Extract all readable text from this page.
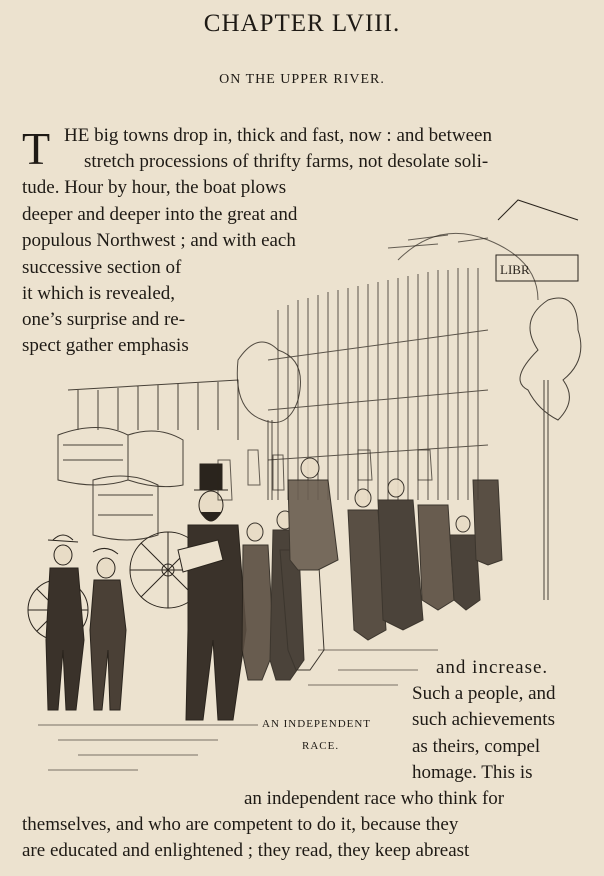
CHAPTER LVIII.
ON THE UPPER RIVER.
T HE big towns drop in, thick and fast, now : and between
stretch processions of thrifty farms, not desolate soli-
tude. Hour by hour, the boat plows
deeper and deeper into the great and
populous Northwest ; and with each
successive section of
it which is revealed,
one’s surprise and re-
spect gather emphasis
LIBR
and increase.
Such a people, and
such achievements
as theirs, compel
homage. This is
an independent race who think for
themselves, and who are competent to do it, because they
are educated and enlightened ; they read, they keep abreast
AN INDEPENDENT
RACE.
